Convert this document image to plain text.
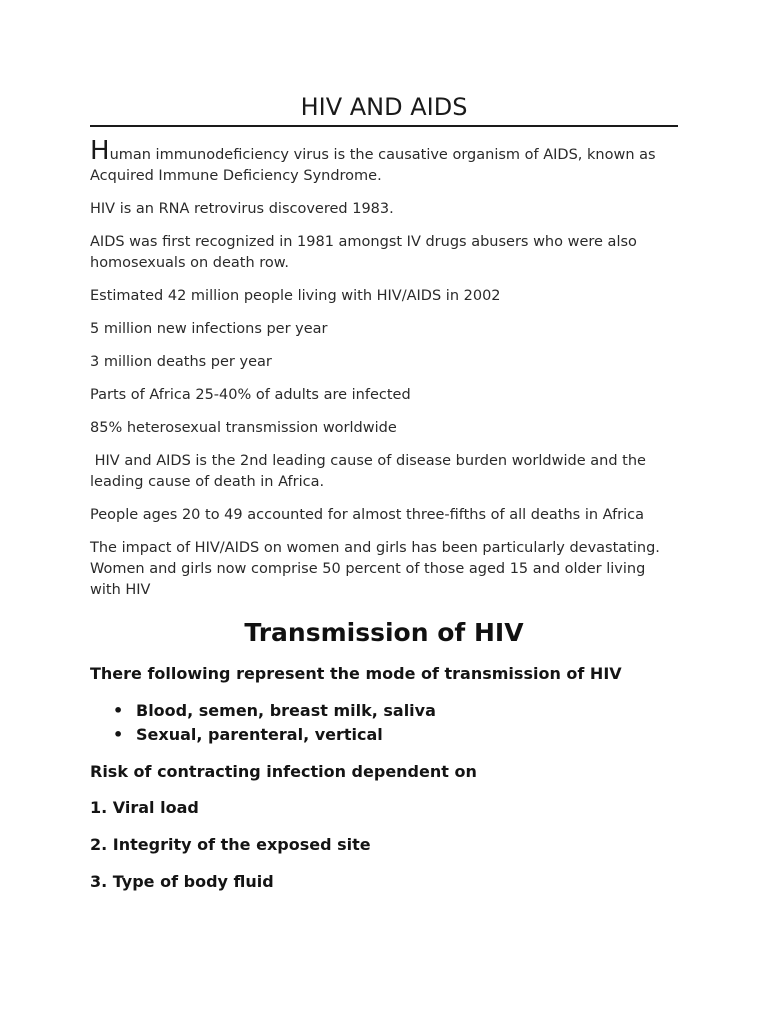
HIV AND AIDS

Human immunodeficiency virus is the causative organism of AIDS, known as Acquired Immune Deficiency Syndrome.

HIV is an RNA retrovirus discovered 1983.

AIDS was first recognized in 1981 amongst IV drugs abusers who were also homosexuals on death row.

Estimated 42 million people living with HIV/AIDS in 2002

5 million new infections per year

3 million deaths per year

Parts of Africa 25-40% of adults are infected

85% heterosexual transmission worldwide

HIV and AIDS is the 2nd leading cause of disease burden worldwide and the leading cause of death in Africa.

People ages 20 to 49 accounted for almost three-fifths of all deaths in Africa

The impact of HIV/AIDS on women and girls has been particularly devastating. Women and girls now comprise 50 percent of those aged 15 and older living with HIV

Transmission of HIV

There following represent the mode of transmission of HIV

• Blood, semen, breast milk, saliva
• Sexual, parenteral, vertical

Risk of contracting infection dependent on

1. Viral load

2. Integrity of the exposed site

3. Type of body fluid
